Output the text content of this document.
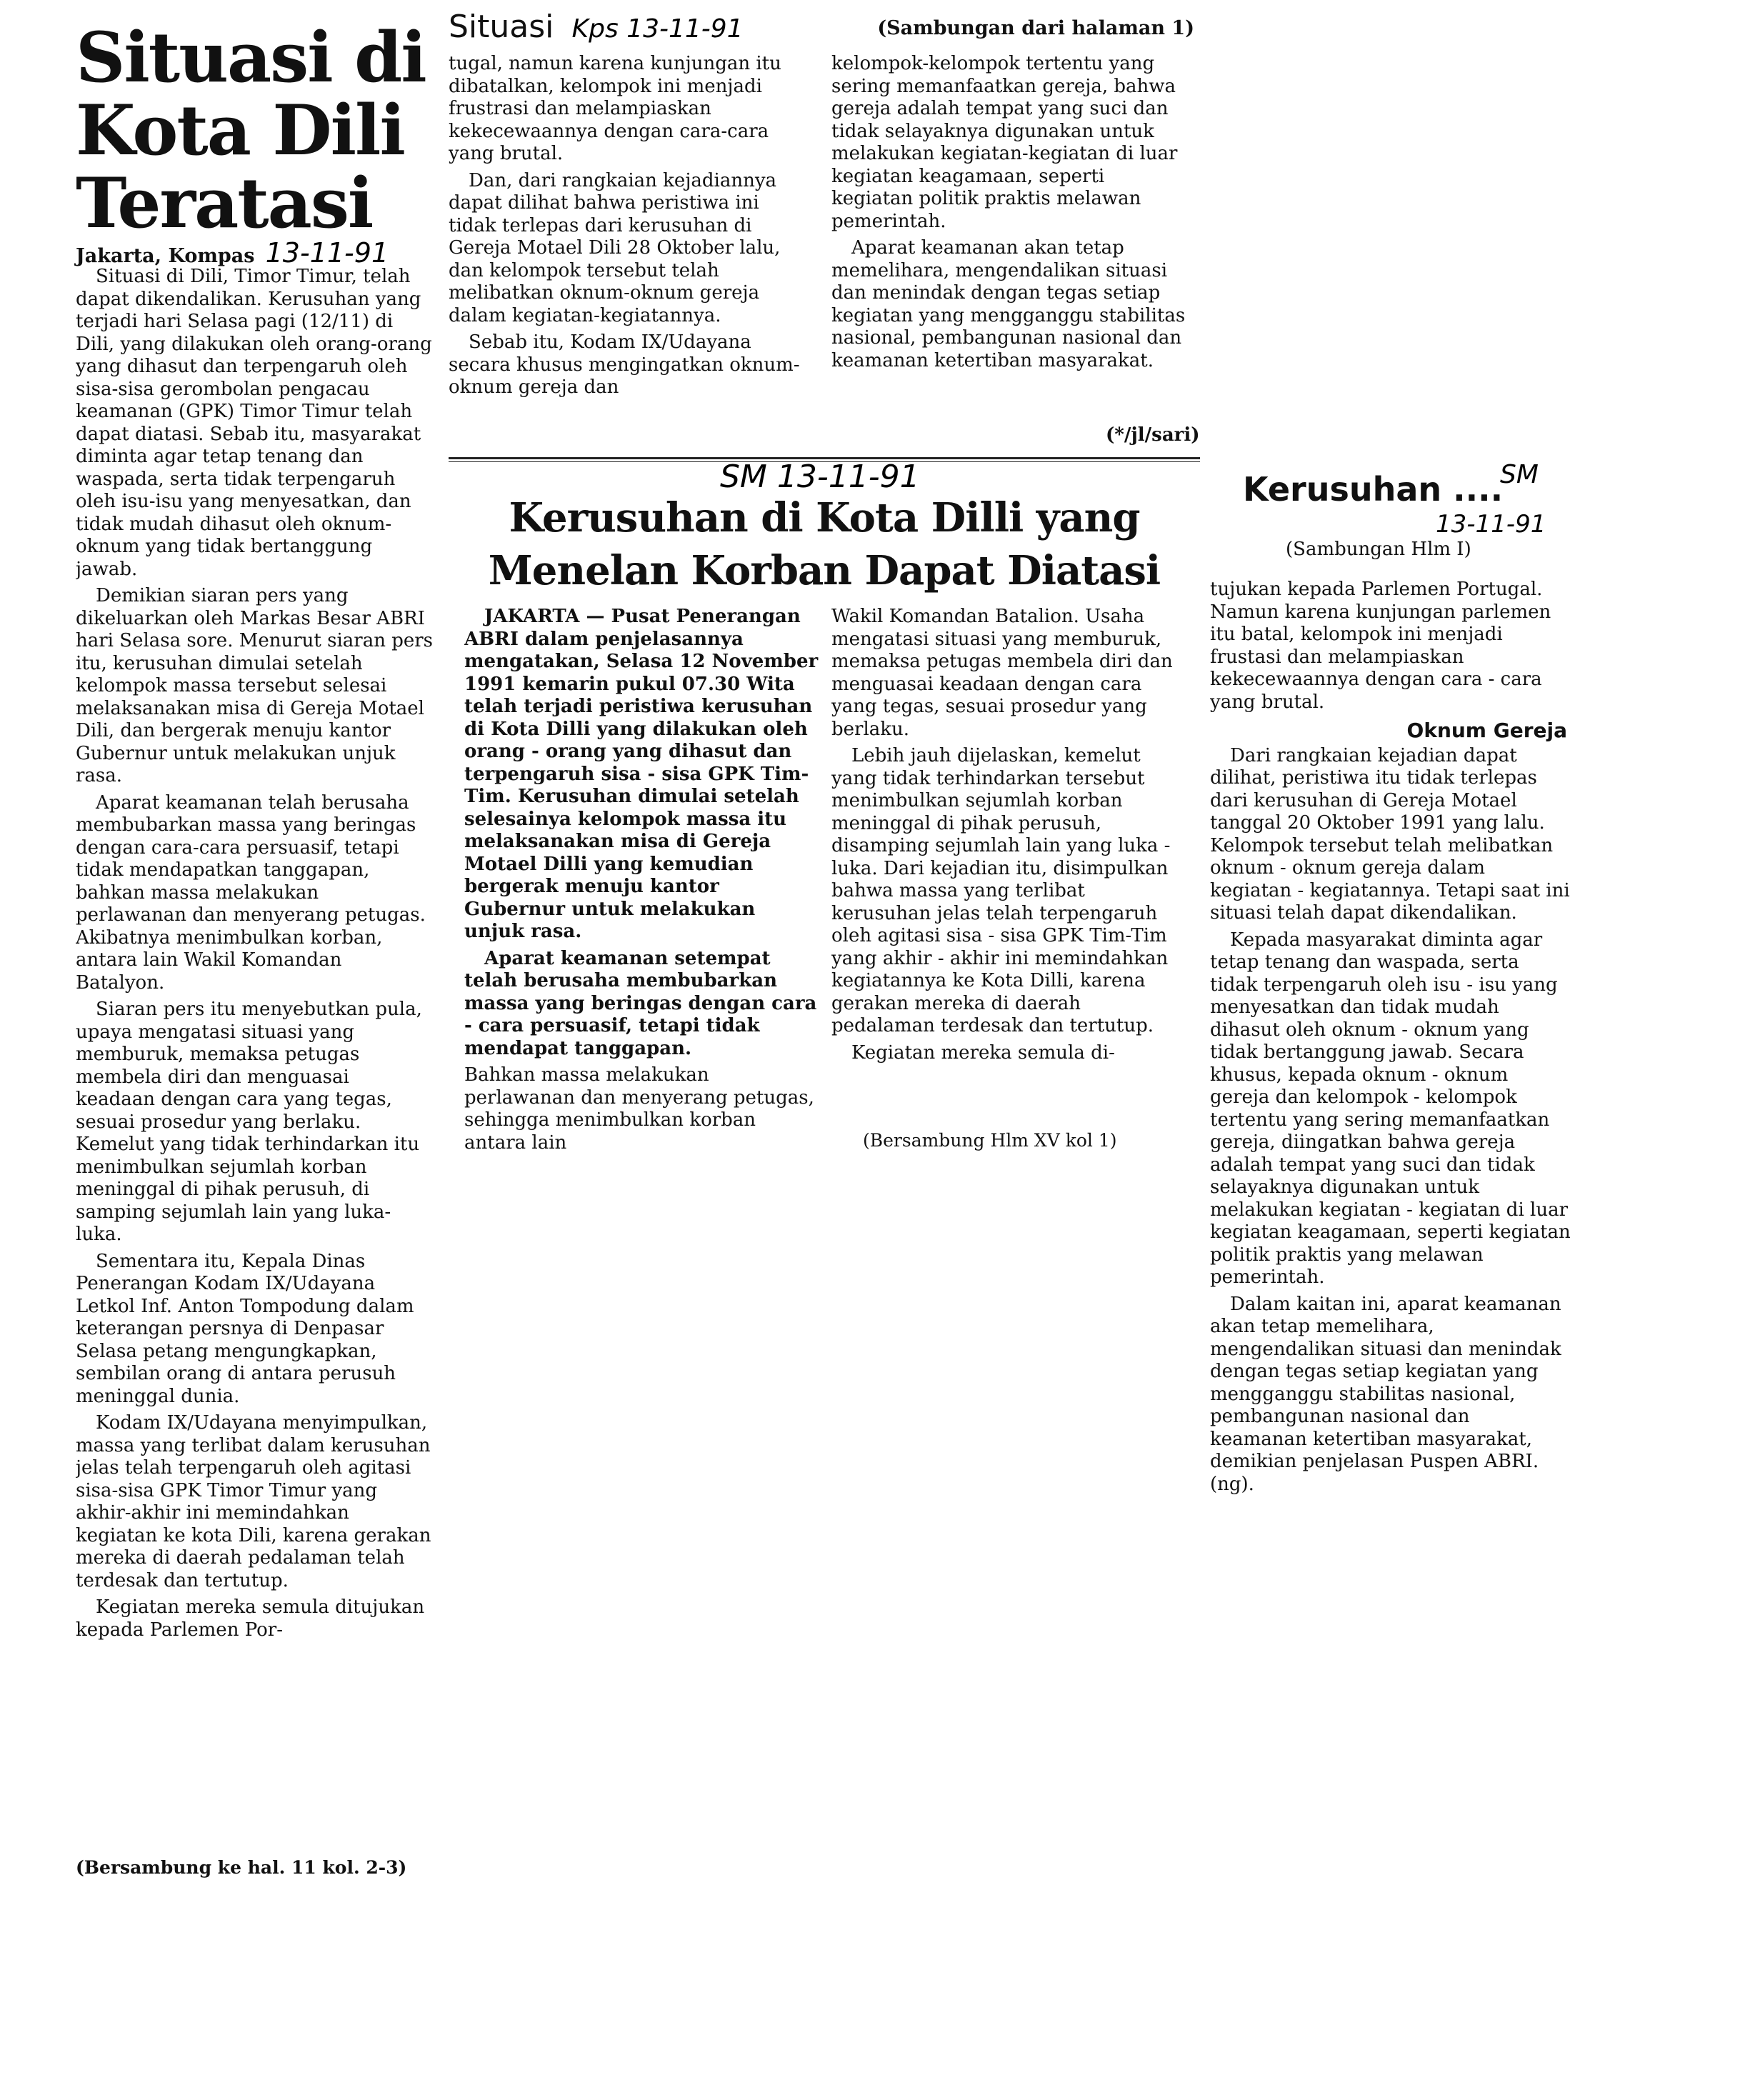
Situasi di
Kota Dili
Teratasi
Jakarta, Kompas 13-11-91

Situasi di Dili, Timor Timur, telah dapat dikendalikan. Kerusuhan yang terjadi hari Selasa pagi (12/11) di Dili, yang dilakukan oleh orang-orang yang dihasut dan terpengaruh oleh sisa-sisa gerombolan pengacau keamanan (GPK) Timor Timur telah dapat diatasi. Sebab itu, masyarakat diminta agar tetap tenang dan waspada, serta tidak terpengaruh oleh isu-isu yang menyesatkan, dan tidak mudah dihasut oleh oknum-oknum yang tidak bertanggung jawab.

Demikian siaran pers yang dikeluarkan oleh Markas Besar ABRI hari Selasa sore. Menurut siaran pers itu, kerusuhan dimulai setelah kelompok massa tersebut selesai melaksanakan misa di Gereja Motael Dili, dan bergerak menuju kantor Gubernur untuk melakukan unjuk rasa.

Aparat keamanan telah berusaha membubarkan massa yang beringas dengan cara-cara persuasif, tetapi tidak mendapatkan tanggapan, bahkan massa melakukan perlawanan dan menyerang petugas. Akibatnya menimbulkan korban, antara lain Wakil Komandan Batalyon.

Siaran pers itu menyebutkan pula, upaya mengatasi situasi yang memburuk, memaksa petugas membela diri dan menguasai keadaan dengan cara yang tegas, sesuai prosedur yang berlaku. Kemelut yang tidak terhindarkan itu menimbulkan sejumlah korban meninggal di pihak perusuh, di samping sejumlah lain yang luka-luka.

Sementara itu, Kepala Dinas Penerangan Kodam IX/Udayana Letkol Inf. Anton Tompodung dalam keterangan persnya di Denpasar Selasa petang mengungkapkan, sembilan orang di antara perusuh meninggal dunia.

Kodam IX/Udayana menyimpulkan, massa yang terlibat dalam kerusuhan jelas telah terpengaruh oleh agitasi sisa-sisa GPK Timor Timur yang akhir-akhir ini memindahkan kegiatan ke kota Dili, karena gerakan mereka di daerah pedalaman telah terdesak dan tertutup.

Kegiatan mereka semula ditujukan kepada Parlemen Por-

(Bersambung ke hal. 11 kol. 2-3)
Situasi Kps 13-11-91	(Sambungan dari halaman 1)

tugal, namun karena kunjungan itu dibatalkan, kelompok ini menjadi frustrasi dan melampiaskan kekecewaannya dengan cara-cara yang brutal.

Dan, dari rangkaian kejadiannya dapat dilihat bahwa peristiwa ini tidak terlepas dari kerusuhan di Gereja Motael Dili 28 Oktober lalu, dan kelompok tersebut telah melibatkan oknum-oknum gereja dalam kegiatan-kegiatannya.

Sebab itu, Kodam IX/Udayana secara khusus mengingatkan oknum-oknum gereja dan

kelompok-kelompok tertentu yang sering memanfaatkan gereja, bahwa gereja adalah tempat yang suci dan tidak selayaknya digunakan untuk melakukan kegiatan-kegiatan di luar kegiatan keagamaan, seperti kegiatan politik praktis melawan pemerintah.

Aparat keamanan akan tetap memelihara, mengendalikan situasi dan menindak dengan tegas setiap kegiatan yang mengganggu stabilitas nasional, pembangunan nasional dan keamanan ketertiban masyarakat.

(*/jl/sari)
SM 13-11-91
Kerusuhan di Kota Dilli yang
Menelan Korban Dapat Diatasi

JAKARTA — Pusat Penerangan ABRI dalam penjelasannya mengatakan, Selasa 12 November 1991 kemarin pukul 07.30 Wita telah terjadi peristiwa kerusuhan di Kota Dilli yang dilakukan oleh orang - orang yang dihasut dan terpengaruh sisa - sisa GPK Tim-Tim. Kerusuhan dimulai setelah selesainya kelompok massa itu melaksanakan misa di Gereja Motael Dilli yang kemudian bergerak menuju kantor Gubernur untuk melakukan unjuk rasa.

Aparat keamanan setempat telah berusaha membubarkan massa yang beringas dengan cara - cara persuasif, tetapi tidak mendapat tanggapan.

Bahkan massa melakukan perlawanan dan menyerang petugas, sehingga menimbulkan korban antara lain

Wakil Komandan Batalion. Usaha mengatasi situasi yang memburuk, memaksa petugas membela diri dan menguasai keadaan dengan cara yang tegas, sesuai prosedur yang berlaku.

Lebih jauh dijelaskan, kemelut yang tidak terhindarkan tersebut menimbulkan sejumlah korban meninggal di pihak perusuh, disamping sejumlah lain yang luka - luka. Dari kejadian itu, disimpulkan bahwa massa yang terlibat kerusuhan jelas telah terpengaruh oleh agitasi sisa - sisa GPK Tim-Tim yang akhir - akhir ini memindahkan kegiatannya ke Kota Dilli, karena gerakan mereka di daerah pedalaman terdesak dan tertutup.

Kegiatan mereka semula di-

(Bersambung Hlm XV kol 1)
Kerusuhan ....
SM
13-11-91
(Sambungan Hlm I)

tujukan kepada Parlemen Portugal. Namun karena kunjungan parlemen itu batal, kelompok ini menjadi frustasi dan melampiaskan kekecewaannya dengan cara - cara yang brutal.

Oknum Gereja

Dari rangkaian kejadian dapat dilihat, peristiwa itu tidak terlepas dari kerusuhan di Gereja Motael tanggal 20 Oktober 1991 yang lalu. Kelompok tersebut telah melibatkan oknum - oknum gereja dalam kegiatan - kegiatannya. Tetapi saat ini situasi telah dapat dikendalikan.

Kepada masyarakat diminta agar tetap tenang dan waspada, serta tidak terpengaruh oleh isu - isu yang menyesatkan dan tidak mudah dihasut oleh oknum - oknum yang tidak bertanggung jawab. Secara khusus, kepada oknum - oknum gereja dan kelompok - kelompok tertentu yang sering memanfaatkan gereja, diingatkan bahwa gereja adalah tempat yang suci dan tidak selayaknya digunakan untuk melakukan kegiatan - kegiatan di luar kegiatan keagamaan, seperti kegiatan politik praktis yang melawan pemerintah.

Dalam kaitan ini, aparat keamanan akan tetap memelihara, mengendalikan situasi dan menindak dengan tegas setiap kegiatan yang mengganggu stabilitas nasional, pembangunan nasional dan keamanan ketertiban masyarakat, demikian penjelasan Puspen ABRI. (ng).
